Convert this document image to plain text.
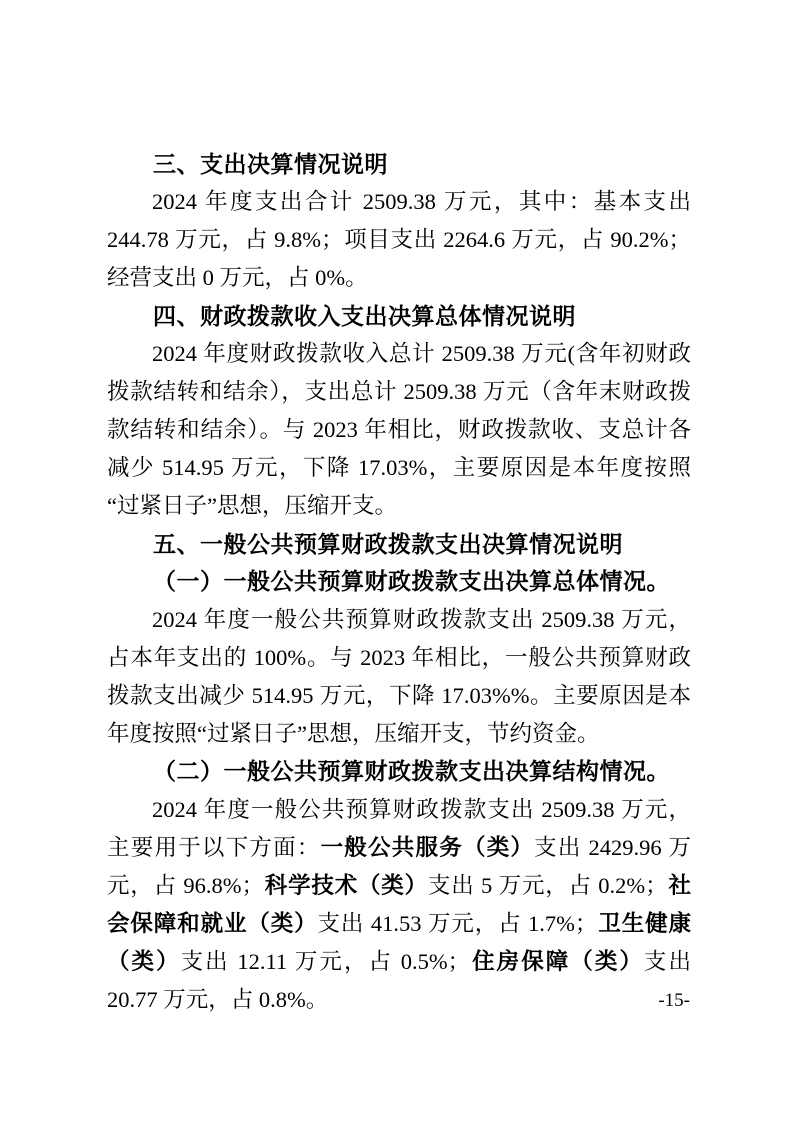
三、支出决算情况说明

2024 年度支出合计 2509.38 万元，其中：基本支出 244.78 万元，占 9.8%；项目支出 2264.6 万元，占 90.2%；经营支出 0 万元，占 0%。

四、财政拨款收入支出决算总体情况说明

2024 年度财政拨款收入总计 2509.38 万元(含年初财政拨款结转和结余），支出总计 2509.38 万元（含年末财政拨款结转和结余）。与 2023 年相比，财政拨款收、支总计各减少 514.95 万元，下降 17.03%，主要原因是本年度按照“过紧日子”思想，压缩开支。

五、一般公共预算财政拨款支出决算情况说明
（一）一般公共预算财政拨款支出决算总体情况。

2024 年度一般公共预算财政拨款支出 2509.38 万元，占本年支出的 100%。与 2023 年相比，一般公共预算财政拨款支出减少 514.95 万元，下降 17.03%%。主要原因是本年度按照“过紧日子”思想，压缩开支，节约资金。

（二）一般公共预算财政拨款支出决算结构情况。

2024 年度一般公共预算财政拨款支出 2509.38 万元，主要用于以下方面：一般公共服务（类）支出 2429.96 万元，占 96.8%；科学技术（类）支出 5 万元，占 0.2%；社会保障和就业（类）支出 41.53 万元，占 1.7%；卫生健康（类）支出 12.11 万元，占 0.5%；住房保障（类）支出 20.77 万元，占 0.8%。	-15-
